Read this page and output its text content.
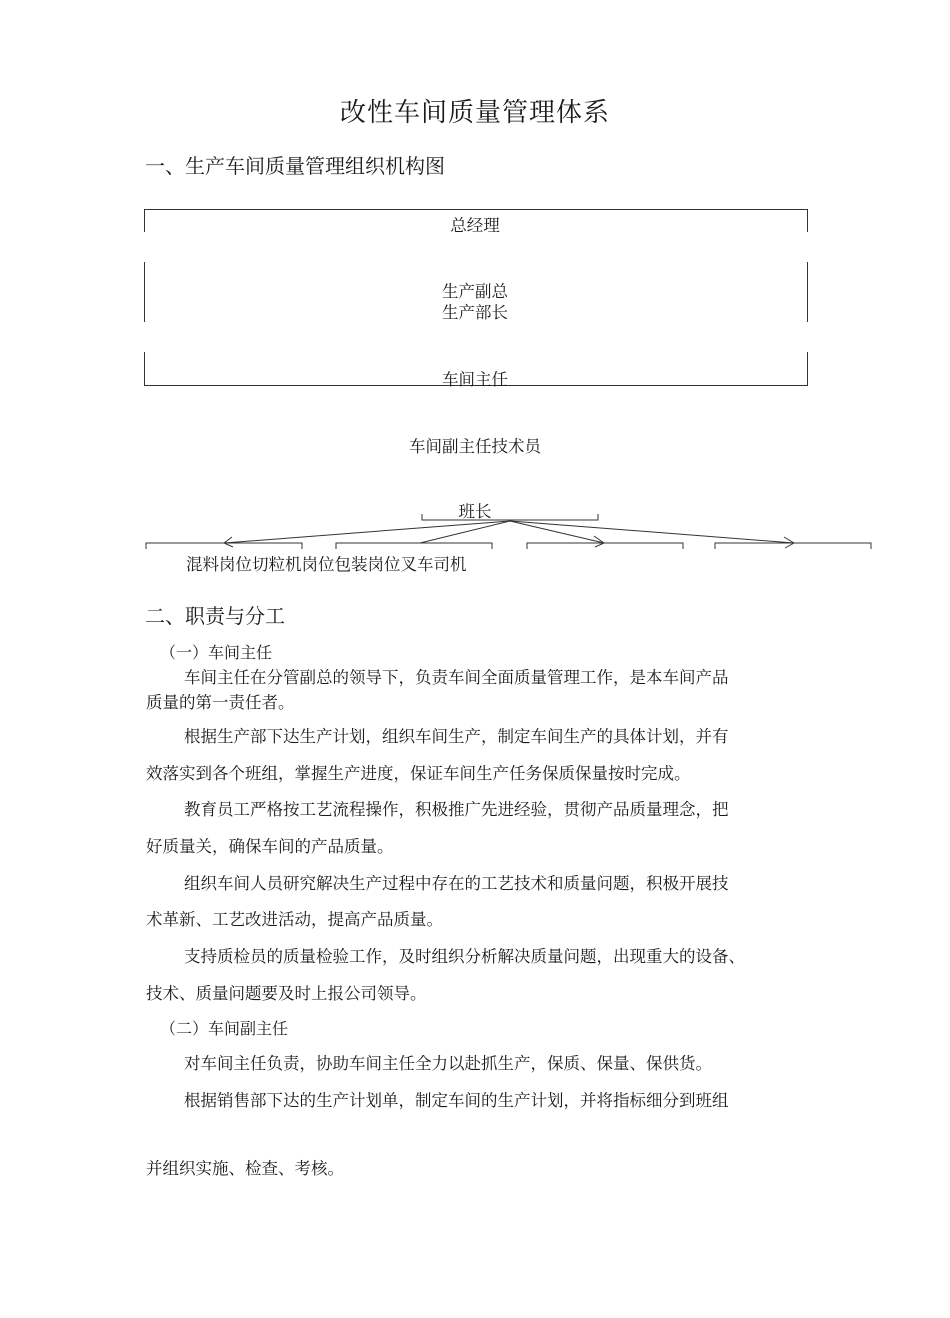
改性车间质量管理体系
一、生产车间质量管理组织机构图
总经理
生产副总
生产部长
车间主任
车间副主任技术员
班长
混料岗位切粒机岗位包装岗位叉车司机
二、职责与分工
（一）车间主任
车间主任在分管副总的领导下，负责车间全面质量管理工作，是本车间产品
质量的第一责任者。
根据生产部下达生产计划，组织车间生产，制定车间生产的具体计划，并有
效落实到各个班组，掌握生产进度，保证车间生产任务保质保量按时完成。
教育员工严格按工艺流程操作，积极推广先进经验，贯彻产品质量理念，把
好质量关，确保车间的产品质量。
组织车间人员研究解决生产过程中存在的工艺技术和质量问题，积极开展技
术革新、工艺改进活动，提高产品质量。
支持质检员的质量检验工作，及时组织分析解决质量问题，出现重大的设备、
技术、质量问题要及时上报公司领导。
（二）车间副主任
对车间主任负责，协助车间主任全力以赴抓生产，保质、保量、保供货。
根据销售部下达的生产计划单，制定车间的生产计划，并将指标细分到班组
并组织实施、检查、考核。
